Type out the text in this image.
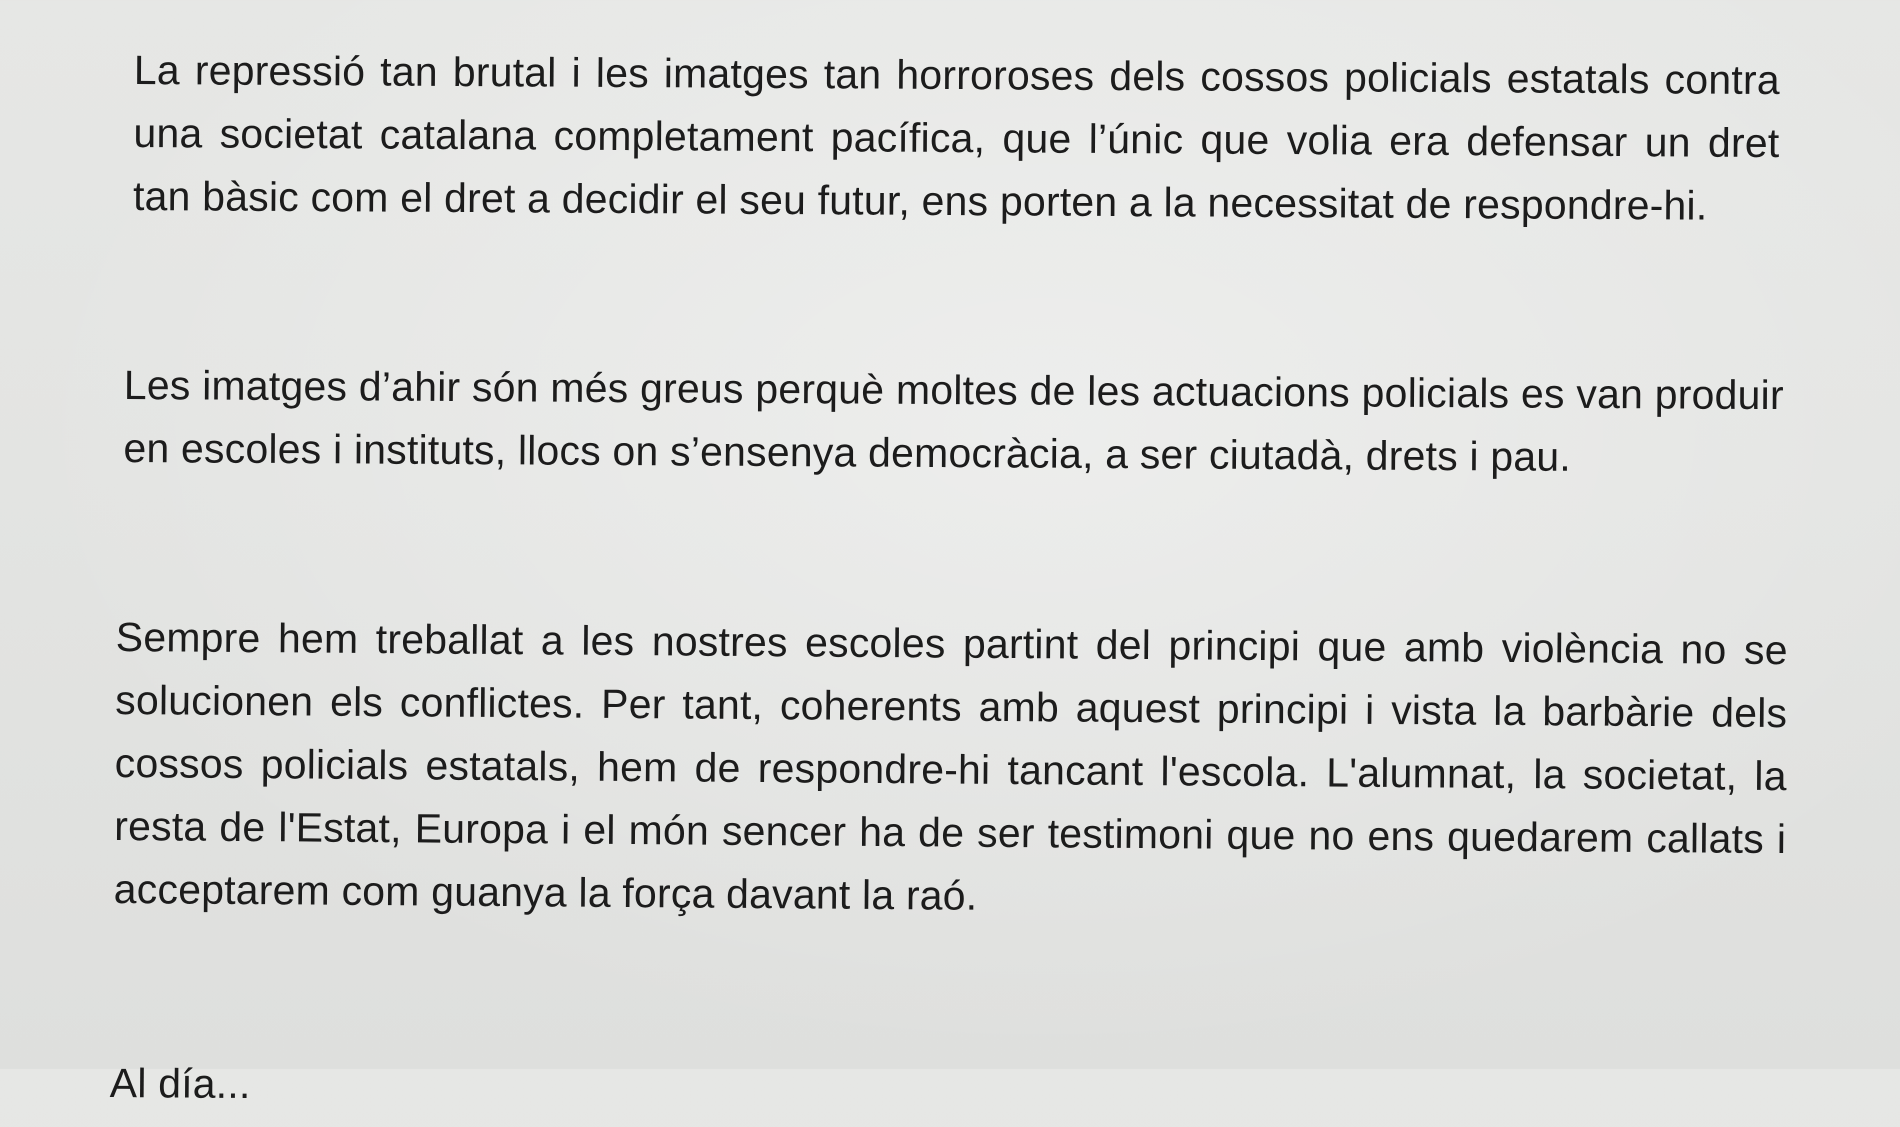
La repressió tan brutal i les imatges tan horroroses dels cossos policials estatals contra una societat catalana completament pacífica, que l’únic que volia era defensar un dret tan bàsic com el dret a decidir el seu futur, ens porten a la necessitat de respondre-hi.

Les imatges d’ahir són més greus perquè moltes de les actuacions policials es van produir en escoles i instituts, llocs on s’ensenya democràcia, a ser ciutadà, drets i pau.

Sempre hem treballat a les nostres escoles partint del principi que amb violència no se solucionen els conflictes. Per tant, coherents amb aquest principi i vista la barbàrie dels cossos policials estatals, hem de respondre-hi tancant l'escola. L'alumnat, la societat, la resta de l'Estat, Europa i el món sencer ha de ser testimoni que no ens quedarem callats i acceptarem com guanya la força davant la raó.

Al día...
